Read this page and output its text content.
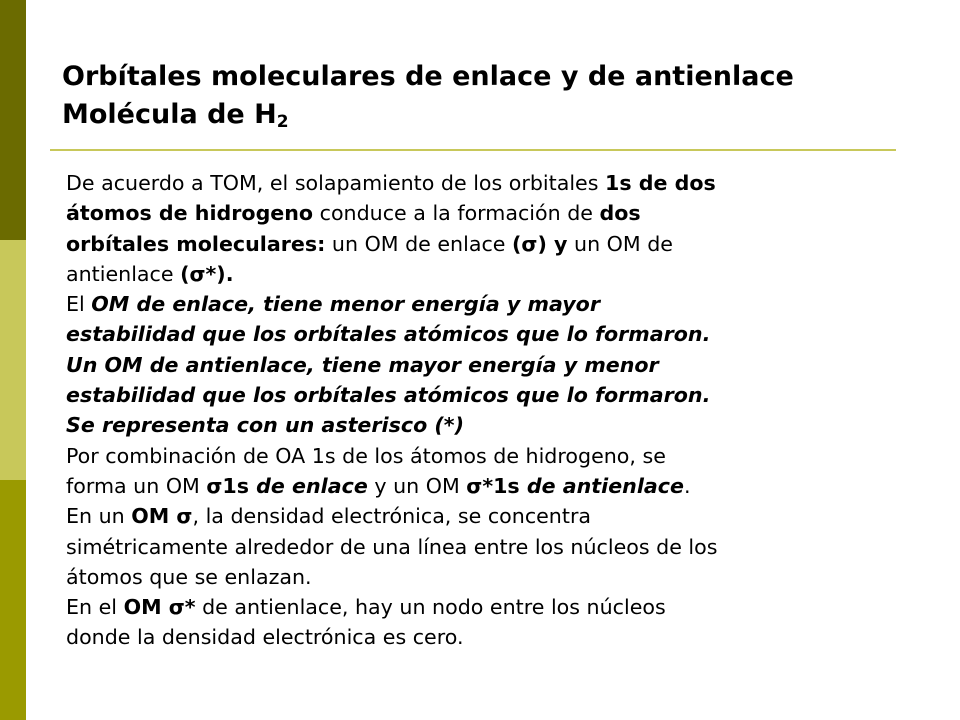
Orbítales moleculares de enlace y de antienlace
Molécula de $H_2$
De acuerdo a TOM, el solapamiento de los orbitales 1s de dos
átomos de hidrogeno conduce a la formación de dos
orbítales moleculares: un OM de enlace (σ) y un OM de
antienlace (σ*).
El OM de enlace, tiene menor energía y mayor
estabilidad que los orbítales atómicos que lo formaron.
Un OM de antienlace, tiene mayor energía y menor
estabilidad que los orbítales atómicos que lo formaron.
Se representa con un asterisco (*)
Por combinación de OA 1s de los átomos de hidrogeno, se
forma un OM σ1s de enlace y un OM σ*1s de antienlace.
En un OM σ, la densidad electrónica, se concentra
simétricamente alrededor de una línea entre los núcleos de los
átomos que se enlazan.
En el OM σ* de antienlace, hay un nodo entre los núcleos
donde la densidad electrónica es cero.
